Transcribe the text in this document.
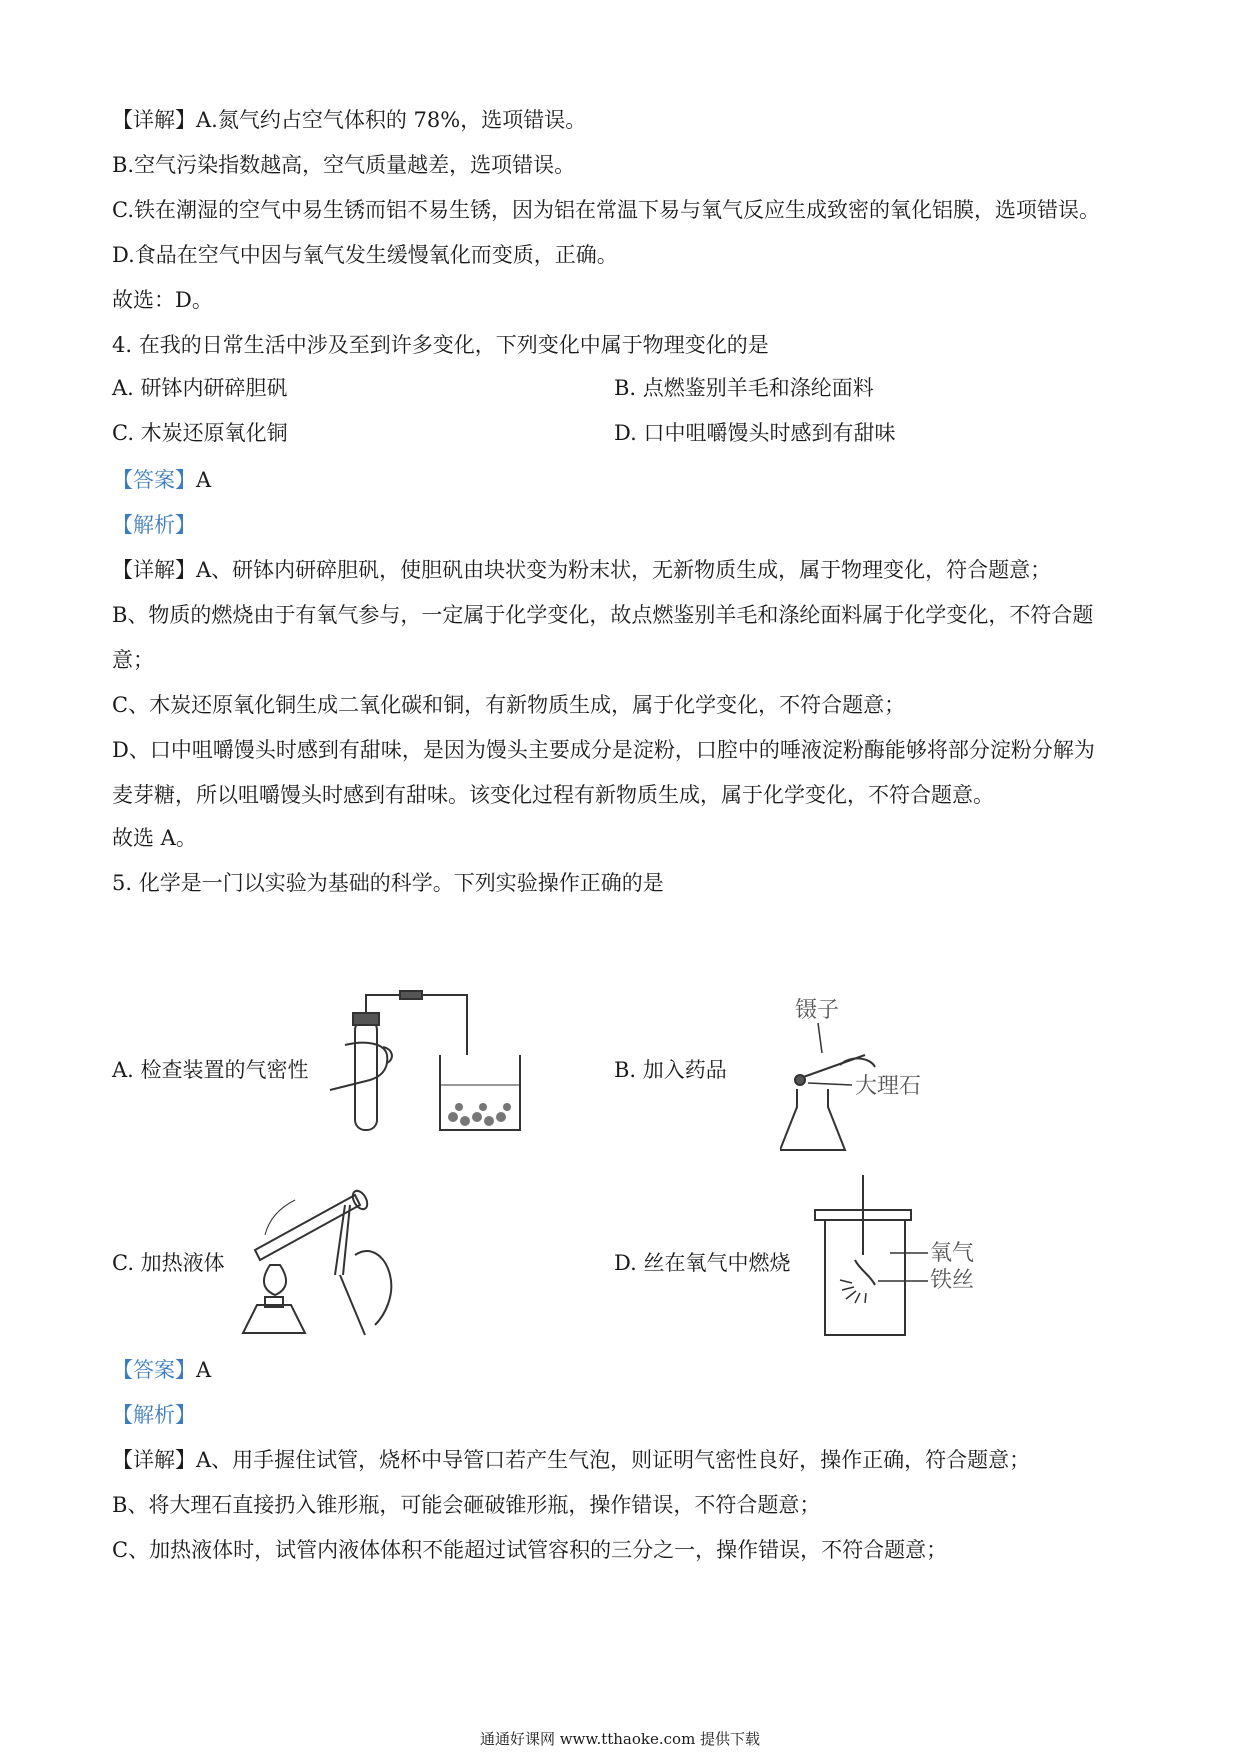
【详解】A.氮气约占空气体积的 78%，选项错误。
B.空气污染指数越高，空气质量越差，选项错误。
C.铁在潮湿的空气中易生锈而铝不易生锈，因为铝在常温下易与氧气反应生成致密的氧化铝膜，选项错误。
D.食品在空气中因与氧气发生缓慢氧化而变质，正确。
故选：D。
4. 在我的日常生活中涉及至到许多变化，下列变化中属于物理变化的是
A. 研钵内研碎胆矾	B. 点燃鉴别羊毛和涤纶面料
C. 木炭还原氧化铜	D. 口中咀嚼馒头时感到有甜味
【答案】A
【解析】
【详解】A、研钵内研碎胆矾，使胆矾由块状变为粉末状，无新物质生成，属于物理变化，符合题意；
B、物质的燃烧由于有氧气参与，一定属于化学变化，故点燃鉴别羊毛和涤纶面料属于化学变化，不符合题
意；
C、木炭还原氧化铜生成二氧化碳和铜，有新物质生成，属于化学变化，不符合题意；
D、口中咀嚼馒头时感到有甜味，是因为馒头主要成分是淀粉，口腔中的唾液淀粉酶能够将部分淀粉分解为
麦芽糖，所以咀嚼馒头时感到有甜味。该变化过程有新物质生成，属于化学变化，不符合题意。
故选 A。
5. 化学是一门以实验为基础的科学。下列实验操作正确的是
A. 检查装置的气密性	B. 加入药品
C. 加热液体	D. 丝在氧气中燃烧
镊子
大理石
氧气
铁丝
【答案】A
【解析】
【详解】A、用手握住试管，烧杯中导管口若产生气泡，则证明气密性良好，操作正确，符合题意；
B、将大理石直接扔入锥形瓶，可能会砸破锥形瓶，操作错误，不符合题意；
C、加热液体时，试管内液体体积不能超过试管容积的三分之一，操作错误，不符合题意；
通通好课网 www.tthaoke.com 提供下载
